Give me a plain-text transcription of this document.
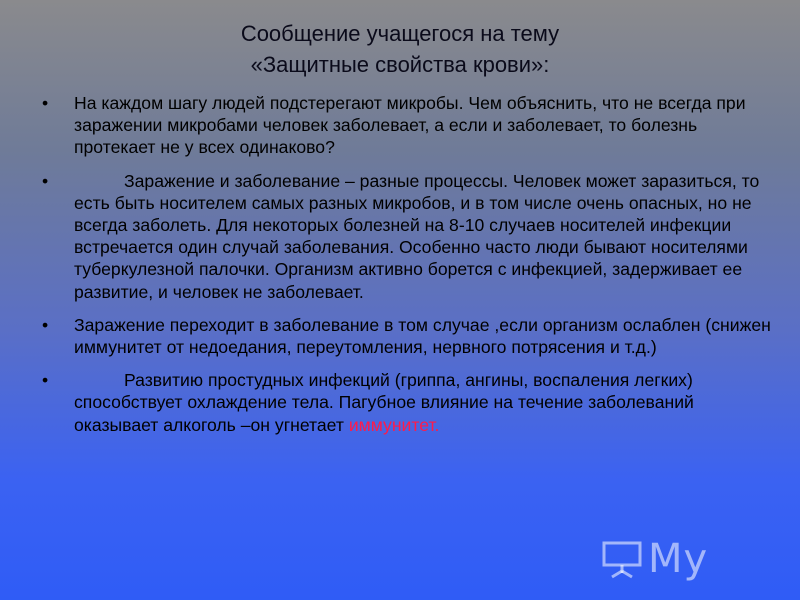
Сообщение учащегося на тему
«Защитные свойства крови»:
• На каждом шагу людей подстерегают микробы. Чем объяснить, что не всегда при заражении микробами человек заболевает, а если и заболевает, то болезнь протекает не у всех одинаково?
•	Заражение и заболевание – разные процессы. Человек может заразиться, то есть быть носителем самых разных микробов, и в том числе очень опасных, но не всегда заболеть. Для некоторых болезней на 8-10 случаев носителей инфекции встречается один случай заболевания. Особенно часто люди бывают носителями туберкулезной палочки. Организм активно борется с инфекцией, задерживает ее развитие, и человек не заболевает.
• Заражение переходит в заболевание в том случае ,если организм ослаблен (снижен иммунитет от недоедания, переутомления, нервного потрясения и т.д.)
•	Развитию простудных инфекций (гриппа, ангины, воспаления легких) способствует охлаждение тела. Пагубное влияние на течение заболеваний оказывает алкоголь –он угнетает иммунитет.
My
